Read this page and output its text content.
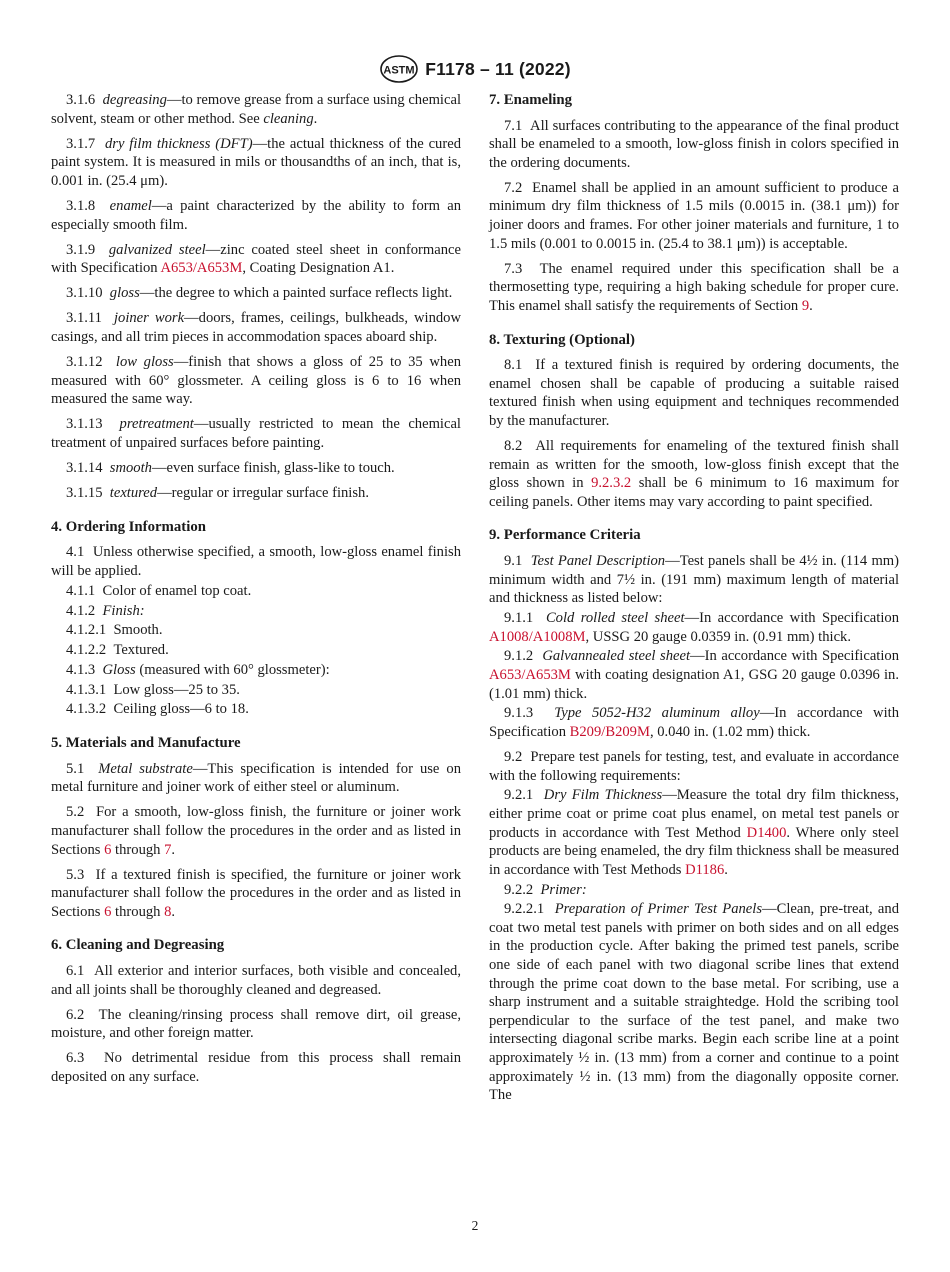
ASTM F1178 – 11 (2022)

3.1.6 degreasing—to remove grease from a surface using chemical solvent, steam or other method. See cleaning.

3.1.7 dry film thickness (DFT)—the actual thickness of the cured paint system. It is measured in mils or thousandths of an inch, that is, 0.001 in. (25.4 μm).

3.1.8 enamel—a paint characterized by the ability to form an especially smooth film.

3.1.9 galvanized steel—zinc coated steel sheet in conformance with Specification A653/A653M, Coating Designation A1.

3.1.10 gloss—the degree to which a painted surface reflects light.

3.1.11 joiner work—doors, frames, ceilings, bulkheads, window casings, and all trim pieces in accommodation spaces aboard ship.

3.1.12 low gloss—finish that shows a gloss of 25 to 35 when measured with 60° glossmeter. A ceiling gloss is 6 to 16 when measured the same way.

3.1.13 pretreatment—usually restricted to mean the chemical treatment of unpaired surfaces before painting.

3.1.14 smooth—even surface finish, glass-like to touch.

3.1.15 textured—regular or irregular surface finish.

4. Ordering Information

4.1 Unless otherwise specified, a smooth, low-gloss enamel finish will be applied.

4.1.1 Color of enamel top coat.

4.1.2 Finish:

4.1.2.1 Smooth.

4.1.2.2 Textured.

4.1.3 Gloss (measured with 60° glossmeter):

4.1.3.1 Low gloss—25 to 35.

4.1.3.2 Ceiling gloss—6 to 18.

5. Materials and Manufacture

5.1 Metal substrate—This specification is intended for use on metal furniture and joiner work of either steel or aluminum.

5.2 For a smooth, low-gloss finish, the furniture or joiner work manufacturer shall follow the procedures in the order and as listed in Sections 6 through 7.

5.3 If a textured finish is specified, the furniture or joiner work manufacturer shall follow the procedures in the order and as listed in Sections 6 through 8.

6. Cleaning and Degreasing

6.1 All exterior and interior surfaces, both visible and concealed, and all joints shall be thoroughly cleaned and degreased.

6.2 The cleaning/rinsing process shall remove dirt, oil grease, moisture, and other foreign matter.

6.3 No detrimental residue from this process shall remain deposited on any surface.

7. Enameling

7.1 All surfaces contributing to the appearance of the final product shall be enameled to a smooth, low-gloss finish in colors specified in the ordering documents.

7.2 Enamel shall be applied in an amount sufficient to produce a minimum dry film thickness of 1.5 mils (0.0015 in. (38.1 μm)) for joiner doors and frames. For other joiner materials and furniture, 1 to 1.5 mils (0.001 to 0.0015 in. (25.4 to 38.1 μm)) is acceptable.

7.3 The enamel required under this specification shall be a thermosetting type, requiring a high baking schedule for proper cure. This enamel shall satisfy the requirements of Section 9.

8. Texturing (Optional)

8.1 If a textured finish is required by ordering documents, the enamel chosen shall be capable of producing a suitable raised textured finish when using equipment and techniques recommended by the manufacturer.

8.2 All requirements for enameling of the textured finish shall remain as written for the smooth, low-gloss finish except that the gloss shown in 9.2.3.2 shall be 6 minimum to 16 maximum for ceiling panels. Other items may vary according to paint specified.

9. Performance Criteria

9.1 Test Panel Description—Test panels shall be 4½ in. (114 mm) minimum width and 7½ in. (191 mm) maximum length of material and thickness as listed below:

9.1.1 Cold rolled steel sheet—In accordance with Specification A1008/A1008M, USSG 20 gauge 0.0359 in. (0.91 mm) thick.

9.1.2 Galvannealed steel sheet—In accordance with Specification A653/A653M with coating designation A1, GSG 20 gauge 0.0396 in. (1.01 mm) thick.

9.1.3 Type 5052-H32 aluminum alloy—In accordance with Specification B209/B209M, 0.040 in. (1.02 mm) thick.

9.2 Prepare test panels for testing, test, and evaluate in accordance with the following requirements:

9.2.1 Dry Film Thickness—Measure the total dry film thickness, either prime coat or prime coat plus enamel, on metal test panels or products in accordance with Test Method D1400. Where only steel products are being enameled, the dry film thickness shall be measured in accordance with Test Methods D1186.

9.2.2 Primer:

9.2.2.1 Preparation of Primer Test Panels—Clean, pre-treat, and coat two metal test panels with primer on both sides and on all edges in the production cycle. After baking the primed test panels, scribe one side of each panel with two diagonal scribe lines that extend through the prime coat down to the base metal. For scribing, use a sharp instrument and a suitable straightedge. Hold the scribing tool perpendicular to the surface of the test panel, and make two intersecting diagonal scribe marks. Begin each scribe line at a point approximately ½ in. (13 mm) from a corner and continue to a point approximately ½ in. (13 mm) from the diagonally opposite corner. The

2
